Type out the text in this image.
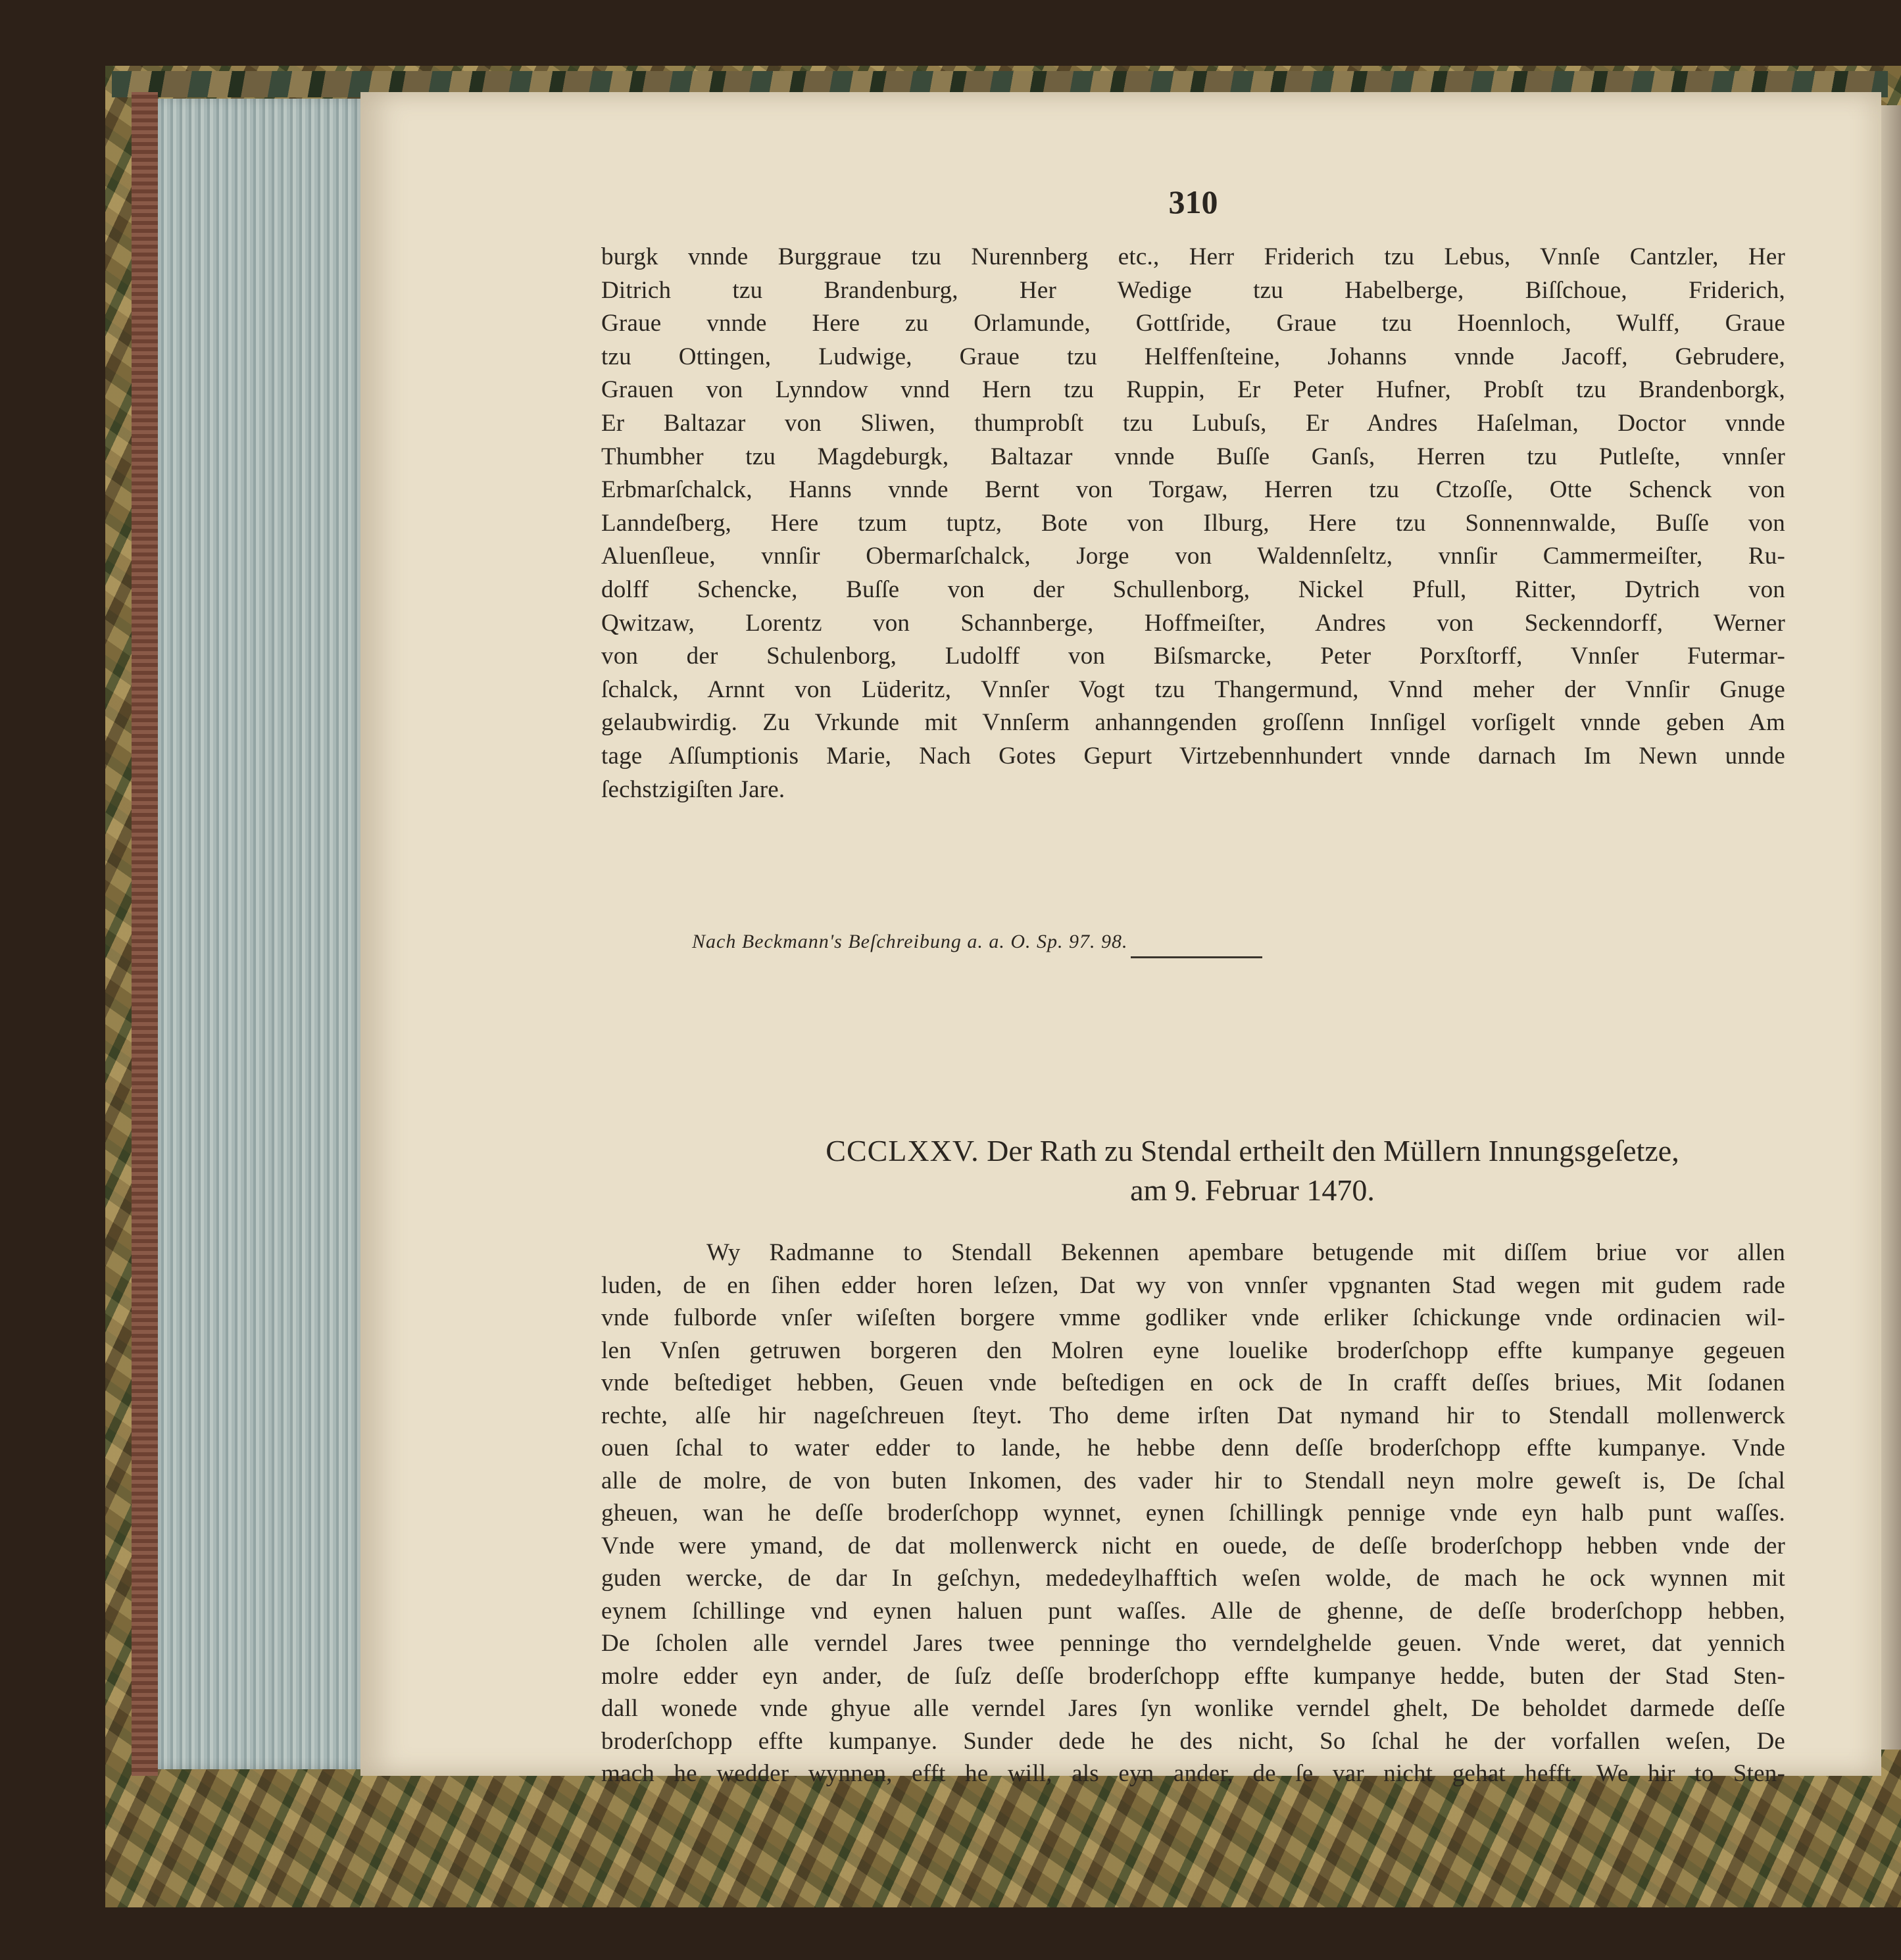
310
burgk vnnde Burggraue tzu Nurennberg etc., Herr Friderich tzu Lebus, Vnnſe Cantzler, Her
Ditrich tzu Brandenburg, Her Wedige tzu Habelberge, Biſſchoue, Friderich,
Graue vnnde Here zu Orlamunde, Gottſride, Graue tzu Hoennloch, Wulff, Graue
tzu Ottingen, Ludwige, Graue tzu Helffenſteine, Johanns vnnde Jacoff, Gebrudere,
Grauen von Lynndow vnnd Hern tzu Ruppin, Er Peter Hufner, Probſt tzu Brandenborgk,
Er Baltazar von Sliwen, thumprobſt tzu Lubuſs, Er Andres Haſelman, Doctor vnnde
Thumbher tzu Magdeburgk, Baltazar vnnde Buſſe Ganſs, Herren tzu Putleſte, vnnſer
Erbmarſchalck, Hanns vnnde Bernt von Torgaw, Herren tzu Ctzoſſe, Otte Schenck von
Lanndeſberg, Here tzum tuptz, Bote von Ilburg, Here tzu Sonnennwalde, Buſſe von
Aluenſleue, vnnſir Obermarſchalck, Jorge von Waldennſeltz, vnnſir Cammermeiſter, Ru-
dolff Schencke, Buſſe von der Schullenborg, Nickel Pfull, Ritter, Dytrich von
Qwitzaw, Lorentz von Schannberge, Hoffmeiſter, Andres von Seckenndorff, Werner
von der Schulenborg, Ludolff von Biſsmarcke, Peter Porxſtorff, Vnnſer Futermar-
ſchalck, Arnnt von Lüderitz, Vnnſer Vogt tzu Thangermund, Vnnd meher der Vnnſir Gnuge
gelaubwirdig. Zu Vrkunde mit Vnnſerm anhanngenden groſſenn Innſigel vorſigelt vnnde geben Am
tage Aſſumptionis Marie, Nach Gotes Gepurt Virtzebennhundert vnnde darnach Im Newn unnde
ſechstzigiſten Jare.
Nach Beckmann's Beſchreibung a. a. O. Sp. 97. 98.
CCCLXXV. Der Rath zu Stendal ertheilt den Müllern Innungsgeſetze,
am 9. Februar 1470.
Wy Radmanne to Stendall Bekennen apembare betugende mit diſſem briue vor allen
luden, de en ſihen edder horen leſzen, Dat wy von vnnſer vpgnanten Stad wegen mit gudem rade
vnde fulborde vnſer wiſeſten borgere vmme godliker vnde erliker ſchickunge vnde ordinacien wil-
len Vnſen getruwen borgeren den Molren eyne louelike broderſchopp effte kumpanye gegeuen
vnde beſtediget hebben, Geuen vnde beſtedigen en ock de In crafft deſſes briues, Mit ſodanen
rechte, alſe hir nageſchreuen ſteyt. Tho deme irſten Dat nymand hir to Stendall mollenwerck
ouen ſchal to water edder to lande, he hebbe denn deſſe broderſchopp effte kumpanye. Vnde
alle de molre, de von buten Inkomen, des vader hir to Stendall neyn molre geweſt is, De ſchal
gheuen, wan he deſſe broderſchopp wynnet, eynen ſchillingk pennige vnde eyn halb punt waſſes.
Vnde were ymand, de dat mollenwerck nicht en ouede, de deſſe broderſchopp hebben vnde der
guden wercke, de dar In geſchyn, mededeylhafftich weſen wolde, de mach he ock wynnen mit
eynem ſchillinge vnd eynen haluen punt waſſes. Alle de ghenne, de deſſe broderſchopp hebben,
De ſcholen alle verndel Jares twee penninge tho verndelghelde geuen. Vnde weret, dat yennich
molre edder eyn ander, de ſuſz deſſe broderſchopp effte kumpanye hedde, buten der Stad Sten-
dall wonede vnde ghyue alle verndel Jares ſyn wonlike verndel ghelt, De beholdet darmede deſſe
broderſchopp effte kumpanye. Sunder dede he des nicht, So ſchal he der vorfallen weſen, De
mach he wedder wynnen, efft he will, als eyn ander, de ſe var nicht gehat hefft. We hir to Sten-
